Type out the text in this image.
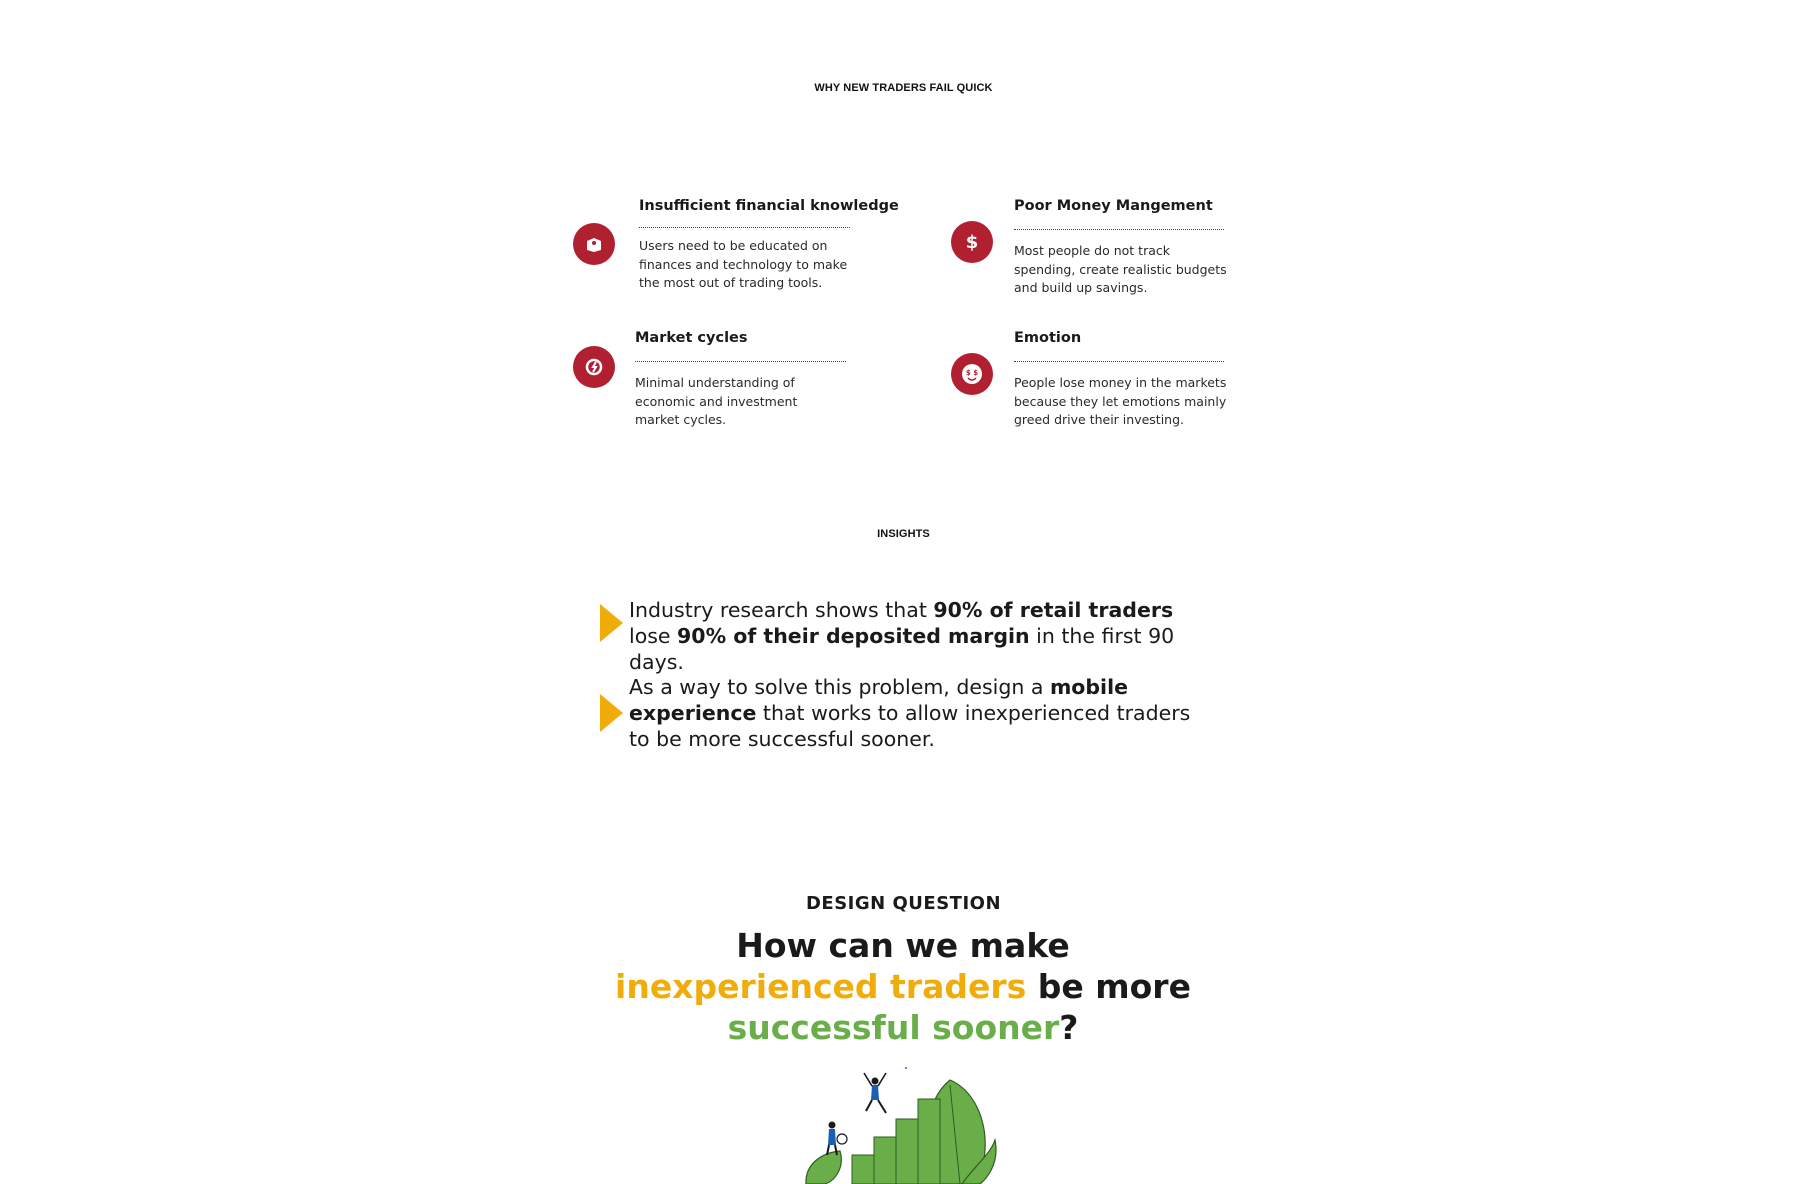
WHY NEW TRADERS FAIL QUICK
Insufficient financial knowledge
Users need to be educated on finances and technology to make the most out of trading tools.
$
Poor Money Mangement
Most people do not track spending, create realistic budgets and build up savings.
Market cycles
Minimal understanding of economic and investment market cycles.
$ $
Emotion
People lose money in the markets because they let emotions mainly greed drive their investing.
INSIGHTS
Industry research shows that 90% of retail traders lose 90% of their deposited margin in the first 90 days.
As a way to solve this problem, design a mobile experience that works to allow inexperienced traders to be more successful sooner.
DESIGN QUESTION
How can we make inexperienced traders be more successful sooner?
